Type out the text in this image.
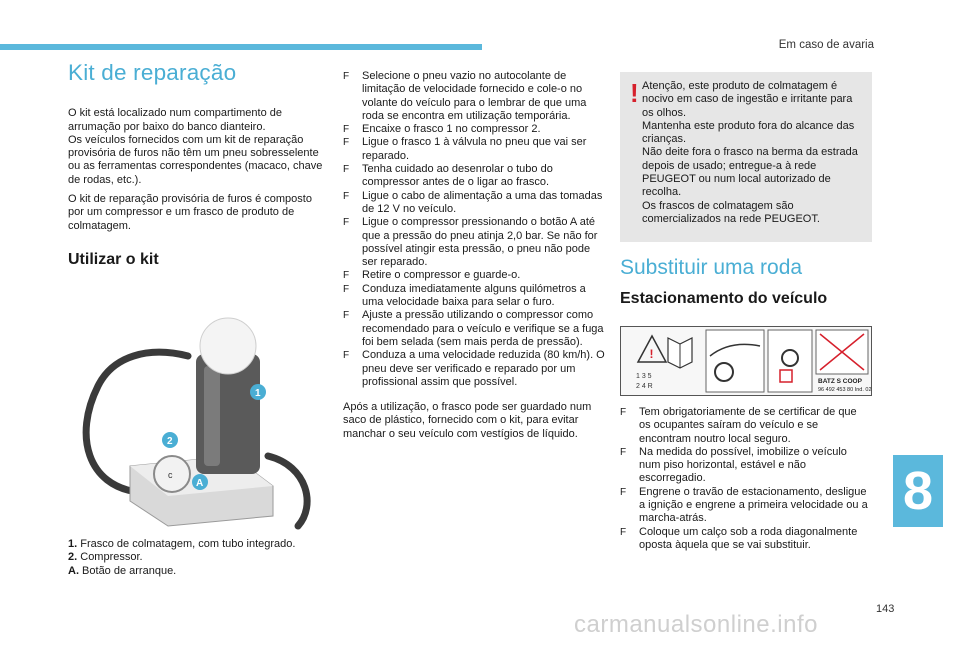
Em caso de avaria
Kit de reparação

O kit está localizado num compartimento de arrumação por baixo do banco dianteiro.
Os veículos fornecidos com um kit de reparação provisória de furos não têm um pneu sobresselente ou as ferramentas correspondentes (macaco, chave de rodas, etc.).

O kit de reparação provisória de furos é composto por um compressor e um frasco de produto de colmatagem.

Utilizar o kit
c
1
2
A
1. Frasco de colmatagem, com tubo integrado.
2. Compressor.
A. Botão de arranque.
F Selecione o pneu vazio no autocolante de limitação de velocidade fornecido e cole-o no volante do veículo para o lembrar de que uma roda se encontra em utilização temporária.
F Encaixe o frasco 1 no compressor 2.
F Ligue o frasco 1 à válvula no pneu que vai ser reparado.
F Tenha cuidado ao desenrolar o tubo do compressor antes de o ligar ao frasco.
F Ligue o cabo de alimentação a uma das tomadas de 12 V no veículo.
F Ligue o compressor pressionando o botão A até que a pressão do pneu atinja 2,0 bar. Se não for possível atingir esta pressão, o pneu não pode ser reparado.
F Retire o compressor e guarde-o.
F Conduza imediatamente alguns quilómetros a uma velocidade baixa para selar o furo.
F Ajuste a pressão utilizando o compressor como recomendado para o veículo e verifique se a fuga foi bem selada (sem mais perda de pressão).
F Conduza a uma velocidade reduzida (80 km/h). O pneu deve ser verificado e reparado por um profissional assim que possível.

Após a utilização, o frasco pode ser guardado num saco de plástico, fornecido com o kit, para evitar manchar o seu veículo com vestígios de líquido.

! Atenção, este produto de colmatagem é nocivo em caso de ingestão e irritante para os olhos.
Mantenha este produto fora do alcance das crianças.
Não deite fora o frasco na berma da estrada depois de usado; entregue-a à rede PEUGEOT ou num local autorizado de recolha.
Os frascos de colmatagem são comercializados na rede PEUGEOT.
Substituir uma roda
Estacionamento do veículo
!
1 3 5
2 4 R
BATZ S COOP
96 492 453 80 Ind. 02
F Tem obrigatoriamente de se certificar de que os ocupantes saíram do veículo e se encontram noutro local seguro.
F Na medida do possível, imobilize o veículo num piso horizontal, estável e não escorregadio.
F Engrene o travão de estacionamento, desligue a ignição e engrene a primeira velocidade ou a marcha-atrás.
F Coloque um calço sob a roda diagonalmente oposta àquela que se vai substituir.
8
143
carmanualsonline.info
